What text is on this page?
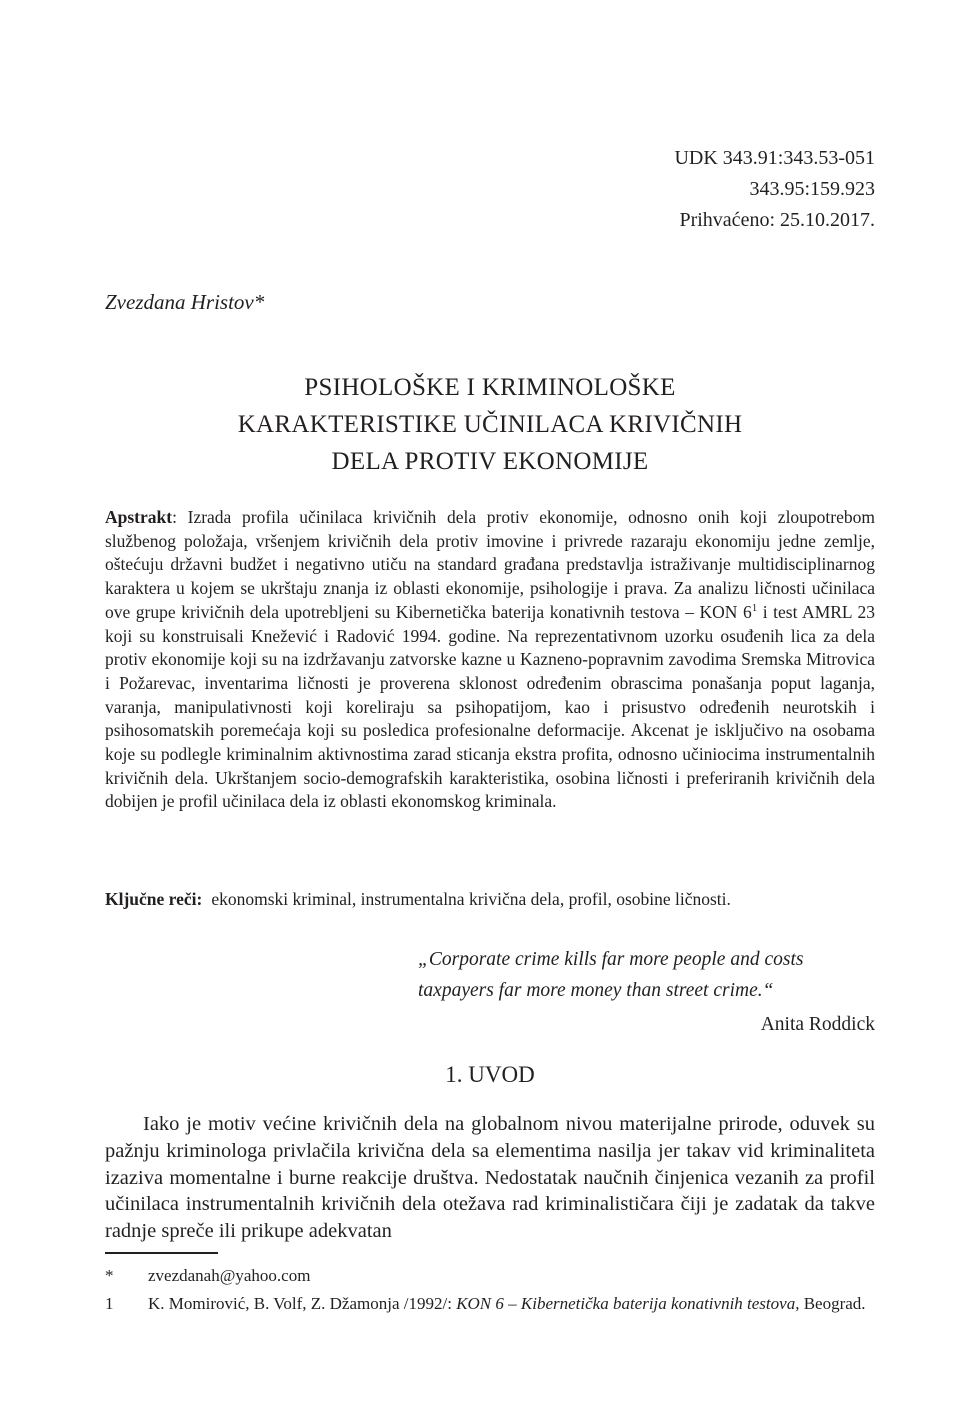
UDK 343.91:343.53-051
343.95:159.923
Prihvaćeno: 25.10.2017.
Zvezdana Hristov*
PSIHOLOŠKE I KRIMINOLOŠKE
KARAKTERISTIKE UČINILACA KRIVIČNIH
DELA PROTIV EKONOMIJE
Apstrakt: Izrada profila učinilaca krivičnih dela protiv ekonomije, odnosno onih koji zloupotrebom službenog položaja, vršenjem krivičnih dela protiv imovine i privrede razaraju ekonomiju jedne zemlje, oštećuju državni budžet i negativno utiču na standard građana predstavlja istraživanje multidisciplinarnog karaktera u kojem se ukrštaju znanja iz oblasti ekonomije, psihologije i prava. Za analizu ličnosti učinilaca ove grupe krivičnih dela upotrebljeni su Kibernetička baterija konativnih testova – KON 6$^1$ i test AMRL 23 koji su konstruisali Knežević i Radović 1994. godine. Na reprezentativnom uzorku osuđenih lica za dela protiv ekonomije koji su na izdržavanju zatvorske kazne u Kazneno-popravnim zavodima Sremska Mitrovica i Požarevac, inventarima ličnosti je proverena sklonost određenim obrascima ponašanja poput laganja, varanja, manipulativnosti koji koreliraju sa psihopatijom, kao i prisustvo određenih neurotskih i psihosomatskih poremećaja koji su posledica profesionalne deformacije. Akcenat je isključivo na osobama koje su podlegle kriminalnim aktivnostima zarad sticanja ekstra profita, odnosno učiniocima instrumentalnih krivičnih dela. Ukrštanjem socio-demografskih karakteristika, osobina ličnosti i preferiranih krivičnih dela dobijen je profil učinilaca dela iz oblasti ekonomskog kriminala.
Ključne reči: ekonomski kriminal, instrumentalna krivična dela, profil, osobine ličnosti.
„Corporate crime kills far more people and costs
taxpayers far more money than street crime.“
Anita Roddick
1. UVOD
Iako je motiv većine krivičnih dela na globalnom nivou materijalne prirode, oduvek su pažnju kriminologa privlačila krivična dela sa elementima nasilja jer takav vid kriminaliteta izaziva momentalne i burne reakcije društva. Nedostatak naučnih činjenica vezanih za profil učinilaca instrumentalnih krivičnih dela otežava rad kriminalističara čiji je zadatak da takve radnje spreče ili prikupe adekvatan
*	zvezdanah@yahoo.com
1	K. Momirović, B. Volf, Z. Džamonja /1992/: KON 6 – Kibernetička baterija konativnih testova, Beograd.
